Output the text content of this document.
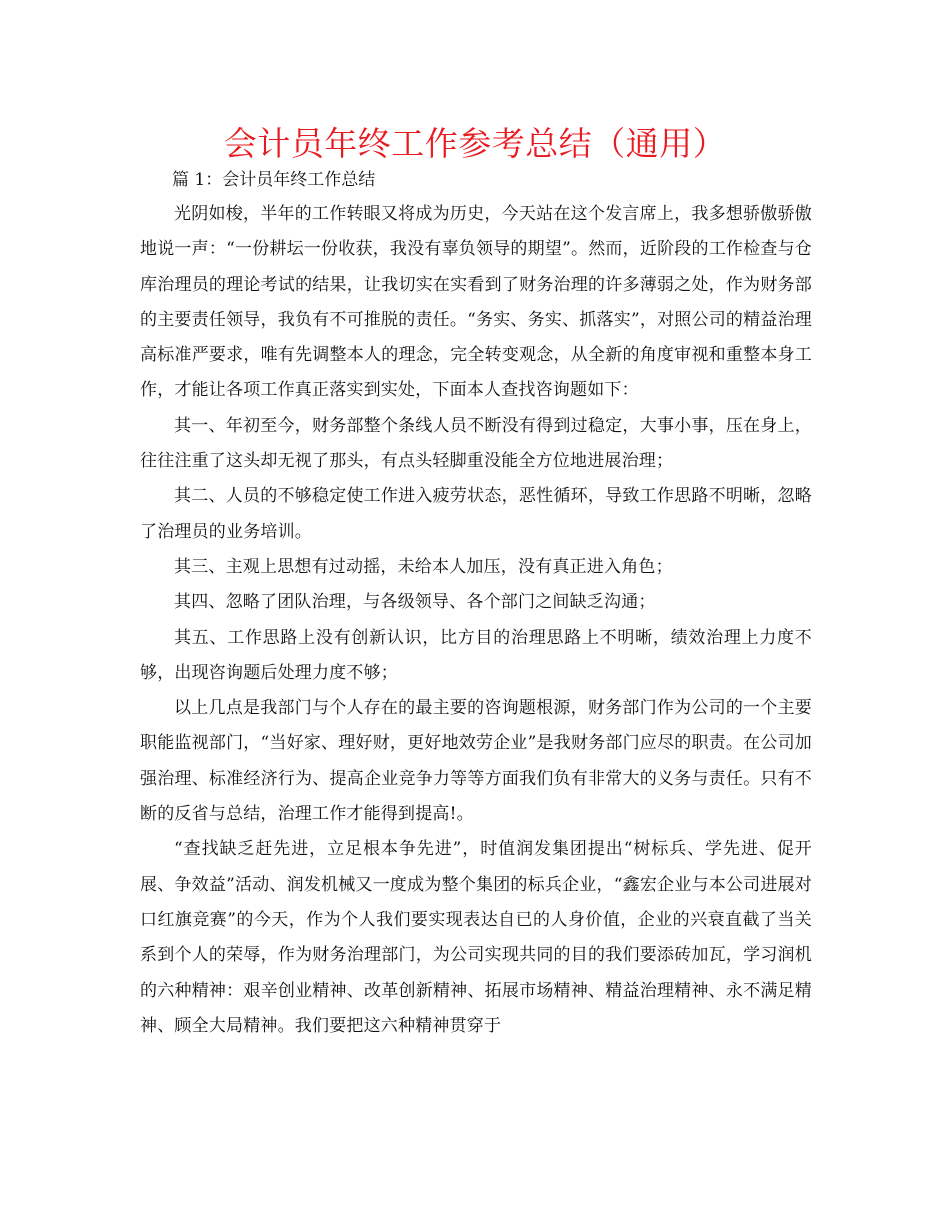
会计员年终工作参考总结（通用）
篇 1：会计员年终工作总结

光阴如梭，半年的工作转眼又将成为历史，今天站在这个发言席上，我多想骄傲骄傲地说一声：“一份耕坛一份收获，我没有辜负领导的期望”。然而，近阶段的工作检查与仓库治理员的理论考试的结果，让我切实在实看到了财务治理的许多薄弱之处，作为财务部的主要责任领导，我负有不可推脱的责任。“务实、务实、抓落实”，对照公司的精益治理高标准严要求，唯有先调整本人的理念，完全转变观念，从全新的角度审视和重整本身工作，才能让各项工作真正落实到实处，下面本人查找咨询题如下：

其一、年初至今，财务部整个条线人员不断没有得到过稳定，大事小事，压在身上，往往注重了这头却无视了那头，有点头轻脚重没能全方位地进展治理；

其二、人员的不够稳定使工作进入疲劳状态，恶性循环，导致工作思路不明晰，忽略了治理员的业务培训。

其三、主观上思想有过动摇，未给本人加压，没有真正进入角色；

其四、忽略了团队治理，与各级领导、各个部门之间缺乏沟通；

其五、工作思路上没有创新认识，比方目的治理思路上不明晰，绩效治理上力度不够，出现咨询题后处理力度不够；

以上几点是我部门与个人存在的最主要的咨询题根源，财务部门作为公司的一个主要职能监视部门，“当好家、理好财，更好地效劳企业”是我财务部门应尽的职责。在公司加强治理、标准经济行为、提高企业竞争力等等方面我们负有非常大的义务与责任。只有不断的反省与总结，治理工作才能得到提高!。

“查找缺乏赶先进，立足根本争先进”，时值润发集团提出“树标兵、学先进、促开展、争效益”活动、润发机械又一度成为整个集团的标兵企业，“鑫宏企业与本公司进展对口红旗竞赛”的今天，作为个人我们要实现表达自已的人身价值，企业的兴衰直截了当关系到个人的荣辱，作为财务治理部门，为公司实现共同的目的我们要添砖加瓦，学习润机的六种精神：艰辛创业精神、改革创新精神、拓展市场精神、精益治理精神、永不满足精神、顾全大局精神。我们要把这六种精神贯穿于
